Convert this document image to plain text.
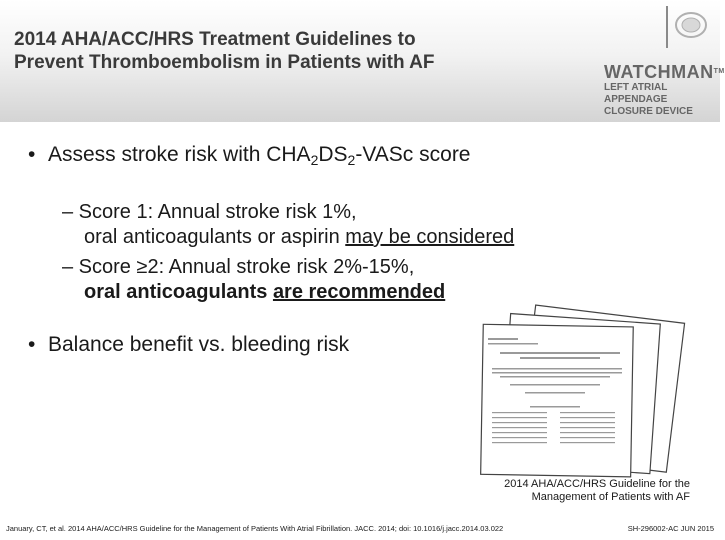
2014 AHA/ACC/HRS Treatment Guidelines to
Prevent Thromboembolism in Patients with AF	WATCHMAN™
LEFT ATRIAL APPENDAGE
CLOSURE DEVICE
• Assess stroke risk with $CHA_2DS_2$-VASc score
– Score 1: Annual stroke risk 1%,
oral anticoagulants or aspirin may be considered
– Score ≥2: Annual stroke risk 2%-15%,
oral anticoagulants are recommended
• Balance benefit vs. bleeding risk
2014 AHA/ACC/HRS Guideline for the
Management of Patients with AF
January, CT, et al. 2014 AHA/ACC/HRS Guideline for the Management of Patients With Atrial Fibrillation. JACC. 2014; doi: 10.1016/j.jacc.2014.03.022	SH-296002-AC JUN 2015
